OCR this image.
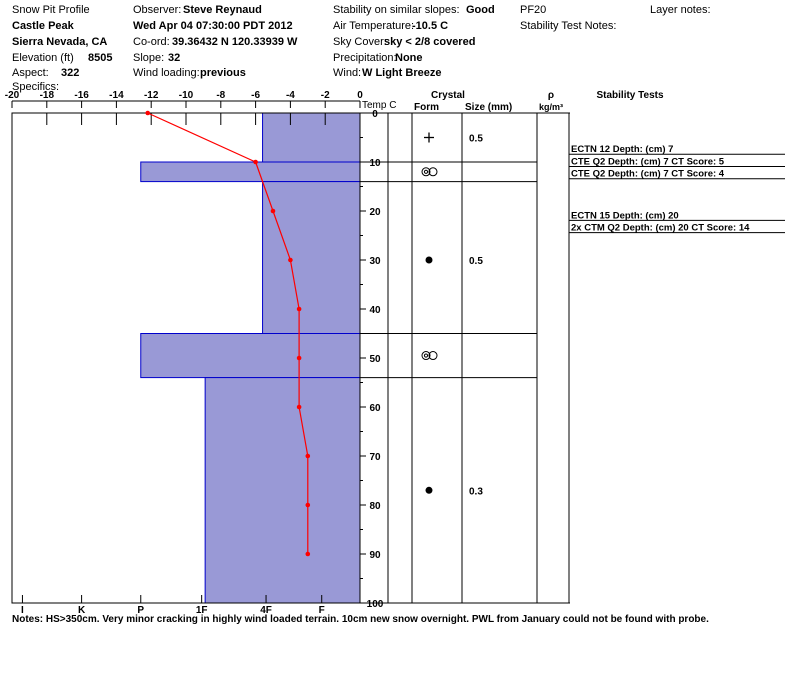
Snow Pit Profile
Castle Peak
Sierra Nevada, CA
Elevation (ft) 8505
Aspect: 322
Specifics:
Observer: Steve Reynaud
Wed Apr 04 07:30:00 PDT 2012
Co-ord: 39.36432 N 120.33939 W
Slope: 32
Wind loading: previous
Stability on similar slopes: Good
Air Temperature:
-10.5 C
Sky Cover:
sky < 2/8 covered
Precipitation:
None
Wind: W Light Breeze
PF20
Stability Test Notes:
Layer notes:
-20 -18 -16 -14 -12 -10 -8	-6	-4	-2	0
0
10
20
30
40
50
60
70
80
90
100
I	K	P	1F	4F	F
0.5
0.5
0.3
ECTN 12 Depth: (cm) 7
CTE Q2 Depth: (cm) 7 CT Score: 5
CTE Q2 Depth: (cm) 7 CT Score: 4
ECTN 15 Depth: (cm) 20
2x CTM Q2 Depth: (cm) 20 CT Score: 14
Temp C
Crystal
Form	Size (mm)
ρ
kg/m³
Stability Tests
Notes: HS>350cm. Very minor cracking in highly wind loaded terrain. 10cm new snow overnight. PWL from January could not be found with probe.
